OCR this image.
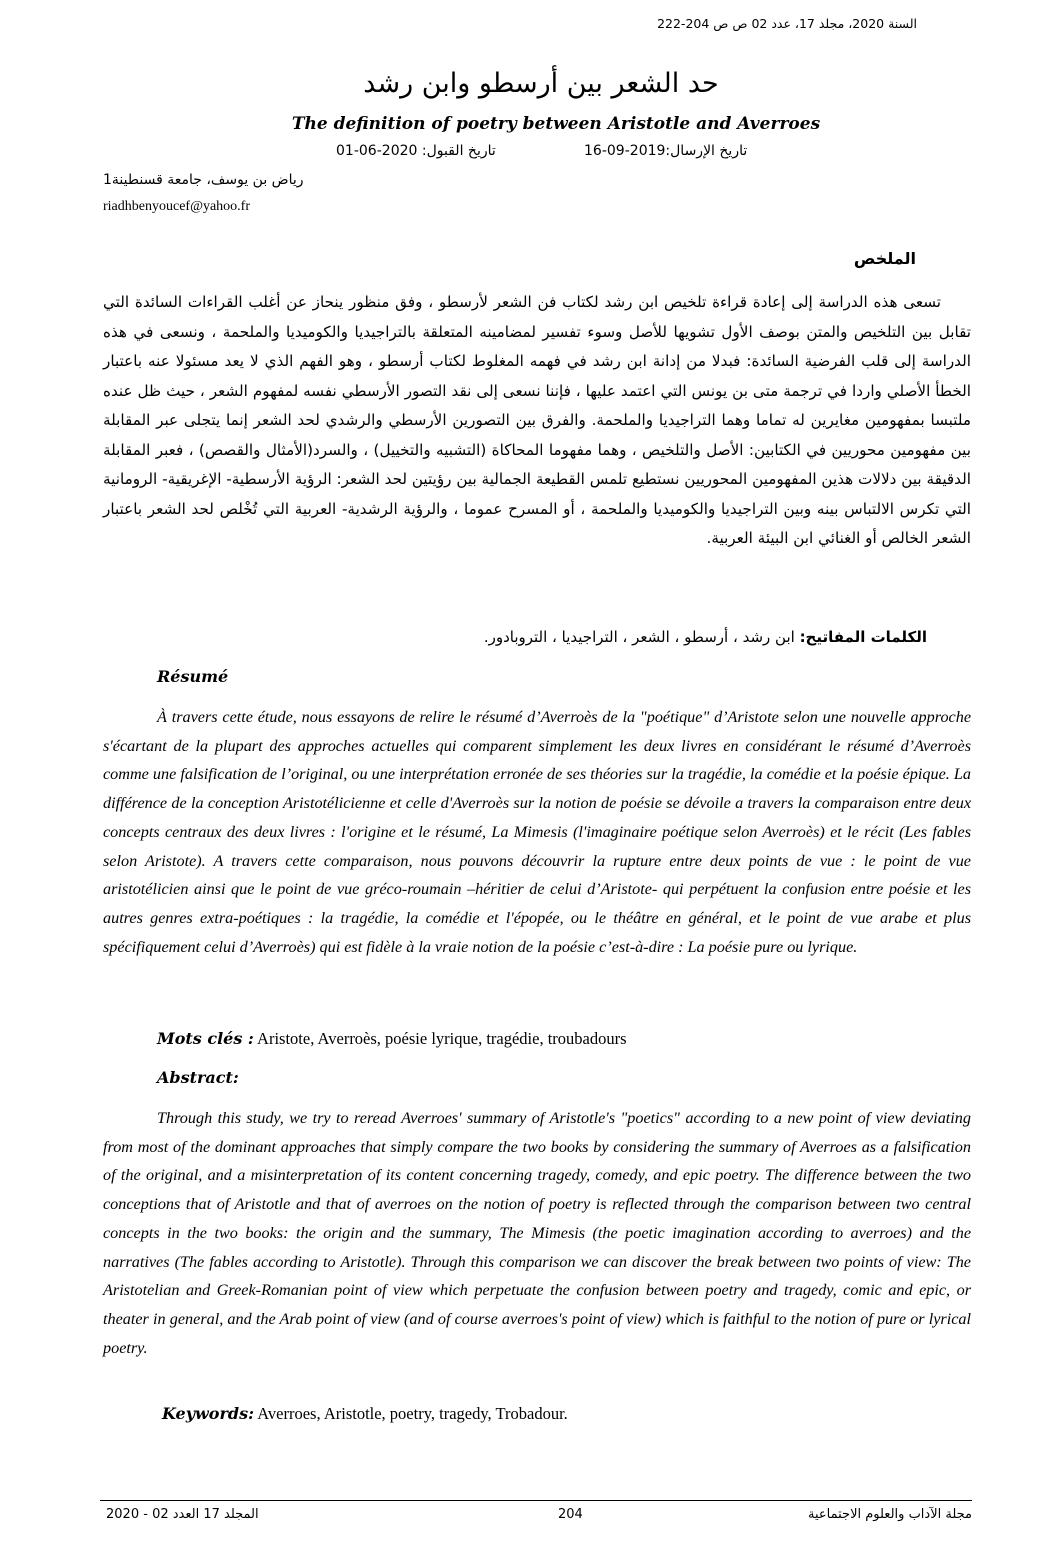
السنة 2020، مجلد 17، عدد 02 ص ص 204-222
حد الشعر بين أرسطو وابن رشد
The definition of poetry between Aristotle and Averroes
تاريخ الإرسال:2019-09-16
تاريخ القبول: 2020-06-01
رياض بن يوسف، جامعة قسنطينة1
riadhbenyoucef@yahoo.fr
الملخص
تسعى هذه الدراسة إلى إعادة قراءة تلخيص ابن رشد لكتاب فن الشعر لأرسطو ، وفق منظور ينحاز عن أغلب القراءات السائدة التي تقابل بين التلخيص والمتن بوصف الأول تشويها للأصل وسوء تفسير لمضامينه المتعلقة بالتراجيديا والكوميديا والملحمة ، ونسعى في هذه الدراسة إلى قلب الفرضية السائدة: فبدلا من إدانة ابن رشد في فهمه المغلوط لكتاب أرسطو ، وهو الفهم الذي لا يعد مسئولا عنه باعتبار الخطأ الأصلي واردا في ترجمة متى بن يونس التي اعتمد عليها ، فإننا نسعى إلى نقد التصور الأرسطي نفسه لمفهوم الشعر ، حيث ظل عنده ملتبسا بمفهومين مغايرين له تماما وهما التراجيديا والملحمة. والفرق بين التصورين الأرسطي والرشدي لحد الشعر إنما يتجلى عبر المقابلة بين مفهومين محوريين في الكتابين: الأصل والتلخيص ، وهما مفهوما المحاكاة (التشبيه والتخييل) ، والسرد(الأمثال والقصص) ، فعبر المقابلة الدقيقة بين دلالات هذين المفهومين المحوريين نستطيع تلمس القطيعة الجمالية بين رؤيتين لحد الشعر: الرؤية الأرسطية- الإغريقية- الرومانية التي تكرس الالتباس بينه وبين التراجيديا والكوميديا والملحمة ، أو المسرح عموما ، والرؤية الرشدية- العربية التي تُخْلص لحد الشعر باعتبار الشعر الخالص أو الغنائي ابن البيئة العربية.
الكلمات المفاتيح: ابن رشد ، أرسطو ، الشعر ، التراجيديا ، التروبادور.
Résumé
À travers cette étude, nous essayons de relire le résumé d’Averroès de la "poétique" d’Aristote selon une nouvelle approche s'écartant de la plupart des approches actuelles qui comparent simplement les deux livres en considérant le résumé d’Averroès comme une falsification de l’original, ou une interprétation erronée de ses théories sur la tragédie, la comédie et la poésie épique. La différence de la conception Aristotélicienne et celle d'Averroès sur la notion de poésie se dévoile a travers la comparaison entre deux concepts centraux des deux livres : l'origine et le résumé, La Mimesis (l'imaginaire poétique selon Averroès) et le récit (Les fables selon Aristote). A travers cette comparaison, nous pouvons découvrir la rupture entre deux points de vue : le point de vue aristotélicien ainsi que le point de vue gréco-roumain –héritier de celui d’Aristote- qui perpétuent la confusion entre poésie et les autres genres extra-poétiques : la tragédie, la comédie et l'épopée, ou le théâtre en général, et le point de vue arabe et plus spécifiquement celui d’Averroès) qui est fidèle à la vraie notion de la poésie c’est-à-dire : La poésie pure ou lyrique.
Mots clés : Aristote, Averroès, poésie lyrique, tragédie, troubadours
Abstract:
Through this study, we try to reread Averroes' summary of Aristotle's "poetics" according to a new point of view deviating from most of the dominant approaches that simply compare the two books by considering the summary of Averroes as a falsification of the original, and a misinterpretation of its content concerning tragedy, comedy, and epic poetry. The difference between the two conceptions that of Aristotle and that of averroes on the notion of poetry is reflected through the comparison between two central concepts in the two books: the origin and the summary, The Mimesis (the poetic imagination according to averroes) and the narratives (The fables according to Aristotle). Through this comparison we can discover the break between two points of view: The Aristotelian and Greek-Romanian point of view which perpetuate the confusion between poetry and tragedy, comic and epic, or theater in general, and the Arab point of view (and of course averroes's point of view) which is faithful to the notion of pure or lyrical poetry.
Keywords: Averroes, Aristotle, poetry, tragedy, Trobadour.
المجلد 17 العدد 02 - 2020	204	مجلة الآداب والعلوم الاجتماعية
